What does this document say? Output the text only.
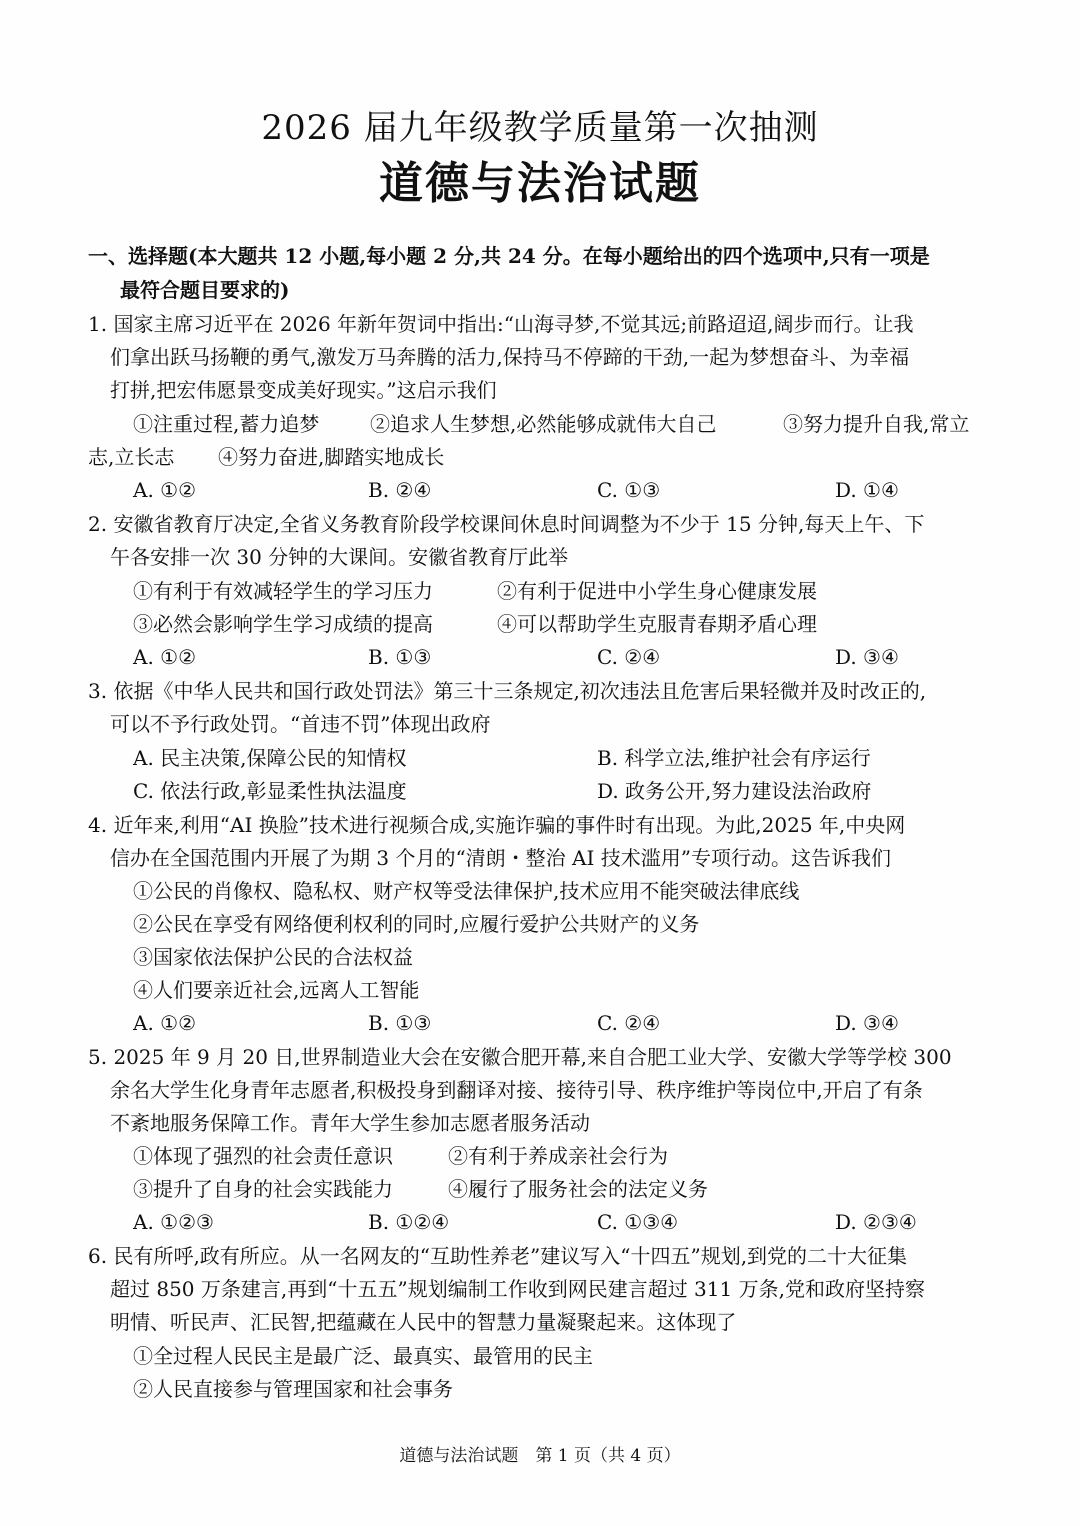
2026 届九年级教学质量第一次抽测
道德与法治试题
一、选择题(本大题共 12 小题,每小题 2 分,共 24 分。在每小题给出的四个选项中,只有一项是
最符合题目要求的)
1. 国家主席习近平在 2026 年新年贺词中指出:“山海寻梦,不觉其远;前路迢迢,阔步而行。让我
们拿出跃马扬鞭的勇气,激发万马奔腾的活力,保持马不停蹄的干劲,一起为梦想奋斗、为幸福
打拼,把宏伟愿景变成美好现实。”这启示我们
①注重过程,蓄力追梦	②追求人生梦想,必然能够成就伟大自己	③努力提升自我,常立
志,立长志 ④努力奋进,脚踏实地成长
A. ①②	B. ②④	C. ①③	D. ①④
2. 安徽省教育厅决定,全省义务教育阶段学校课间休息时间调整为不少于 15 分钟,每天上午、下
午各安排一次 30 分钟的大课间。安徽省教育厅此举
①有利于有效减轻学生的学习压力	②有利于促进中小学生身心健康发展
③必然会影响学生学习成绩的提高	④可以帮助学生克服青春期矛盾心理
A. ①②	B. ①③	C. ②④	D. ③④
3. 依据《中华人民共和国行政处罚法》第三十三条规定,初次违法且危害后果轻微并及时改正的,
可以不予行政处罚。“首违不罚”体现出政府
A. 民主决策,保障公民的知情权	B. 科学立法,维护社会有序运行
C. 依法行政,彰显柔性执法温度	D. 政务公开,努力建设法治政府
4. 近年来,利用“AI 换脸”技术进行视频合成,实施诈骗的事件时有出现。为此,2025 年,中央网
信办在全国范围内开展了为期 3 个月的“清朗・整治 AI 技术滥用”专项行动。这告诉我们
①公民的肖像权、隐私权、财产权等受法律保护,技术应用不能突破法律底线
②公民在享受有网络便利权利的同时,应履行爱护公共财产的义务
③国家依法保护公民的合法权益
④人们要亲近社会,远离人工智能
A. ①②	B. ①③	C. ②④	D. ③④
5. 2025 年 9 月 20 日,世界制造业大会在安徽合肥开幕,来自合肥工业大学、安徽大学等学校 300
余名大学生化身青年志愿者,积极投身到翻译对接、接待引导、秩序维护等岗位中,开启了有条
不紊地服务保障工作。青年大学生参加志愿者服务活动
①体现了强烈的社会责任意识	②有利于养成亲社会行为
③提升了自身的社会实践能力	④履行了服务社会的法定义务
A. ①②③	B. ①②④	C. ①③④	D. ②③④
6. 民有所呼,政有所应。从一名网友的“互助性养老”建议写入“十四五”规划,到党的二十大征集
超过 850 万条建言,再到“十五五”规划编制工作收到网民建言超过 311 万条,党和政府坚持察
明情、听民声、汇民智,把蕴藏在人民中的智慧力量凝聚起来。这体现了
①全过程人民民主是最广泛、最真实、最管用的民主
②人民直接参与管理国家和社会事务
道德与法治试题　第 1 页（共 4 页）
